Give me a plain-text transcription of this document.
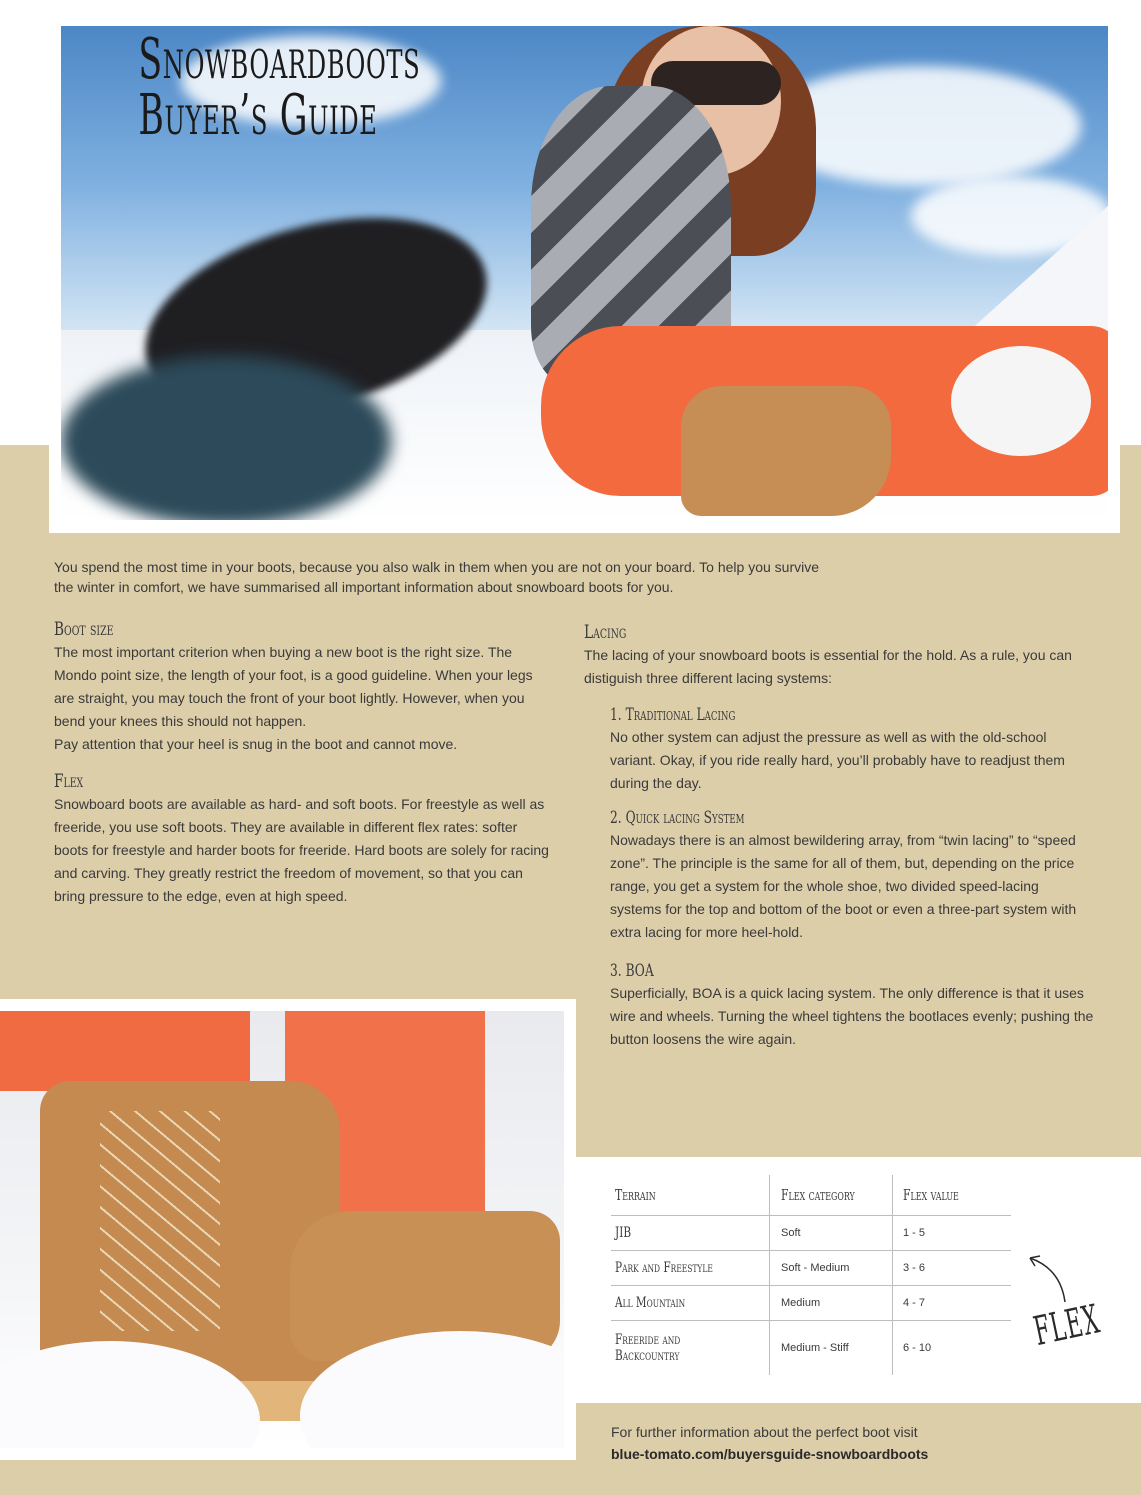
Snowboardboots
Buyer’s Guide

You spend the most time in your boots, because you also walk in them when you are not on your board. To help you survive the winter in comfort, we have summarised all important information about snowboard boots for you.

Boot size

The most important criterion when buying a new boot is the right size. The Mondo point size, the length of your foot, is a good guideline. When your legs are straight, you may touch the front of your boot lightly. However, when you bend your knees this should not happen.

Pay attention that your heel is snug in the boot and cannot move.

Flex

Snowboard boots are available as hard- and soft boots. For freestyle as well as freeride, you use soft boots. They are available in different flex rates: softer boots for freestyle and harder boots for freeride. Hard boots are solely for racing and carving. They greatly restrict the freedom of movement, so that you can bring pressure to the edge, even at high speed.

Lacing

The lacing of your snowboard boots is essential for the hold. As a rule, you can distiguish three different lacing systems:

1. Traditional Lacing

No other system can adjust the pressure as well as with the old-school variant. Okay, if you ride really hard, you’ll probably have to readjust them during the day.

2. Quick lacing System

Nowadays there is an almost bewildering array, from “twin lacing” to “speed zone”. The principle is the same for all of them, but, depending on the price range, you get a system for the whole shoe, two divided speed-lacing systems for the top and bottom of the boot or even a three-part system with extra lacing for more heel-hold.

3. BOA

Superficially, BOA is a quick lacing system. The only difference is that it uses wire and wheels. Turning the wheel tightens the bootlaces evenly; pushing the button loosens the wire again.

Terrain	Flex category	Flex value
JIB	Soft	1 - 5
Park and Freestyle	Soft - Medium	3 - 6
All Mountain	Medium	4 - 7
Freeride and Backcountry	Medium - Stiff	6 - 10 FLEX
For further information about the perfect boot visit
blue-tomato.com/buyersguide-snowboardboots
